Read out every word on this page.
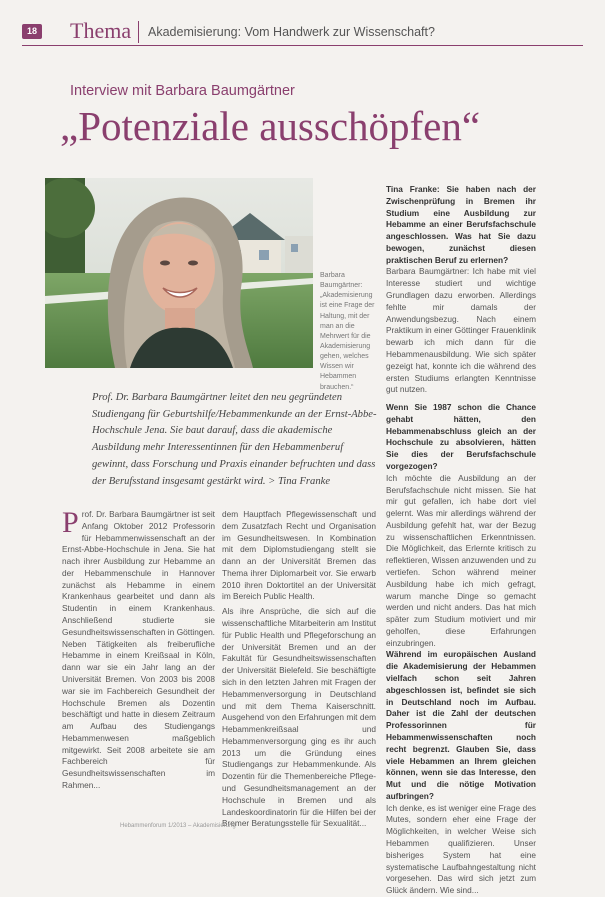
18 Thema Akademisierung: Vom Handwerk zur Wissenschaft?
Interview mit Barbara Baumgärtner
„Potenziale ausschöpfen“
Barbara Baumgärtner: „Akademisierung ist eine Frage der Haltung, mit der man an die Mehrwert für die Akademisierung gehen, welches Wissen wir Hebammen brauchen.“
Prof. Dr. Barbara Baumgärtner leitet den neu gegründeten Studiengang für Geburtshilfe/Hebammenkunde an der Ernst-Abbe-Hochschule Jena. Sie baut darauf, dass die akademische Ausbildung mehr Interessentinnen für den Hebammenberuf gewinnt, dass Forschung und Praxis einander befruchten und dass der Berufsstand insgesamt gestärkt wird. > Tina Franke
P rof. Dr. Barbara Baumgärtner ist seit Anfang Oktober 2012 Professorin für Hebammenwissenschaft an der Ernst-Abbe-Hochschule in Jena. Sie hat nach ihrer Ausbildung zur Hebamme an der Hebammenschule in Hannover zunächst als Hebamme in einem Krankenhaus gearbeitet und dann als Studentin in einem Krankenhaus. Anschließend studierte sie Gesundheitswissenschaften in Göttingen. Neben Tätigkeiten als freiberufliche Hebamme in einem Kreißsaal in Köln, dann war sie ein Jahr lang an der Universität Bremen. Von 2003 bis 2008 war sie im Fachbereich Gesundheit der Hochschule Bremen als Dozentin beschäftigt und hatte in diesem Zeitraum am Aufbau des Studiengangs Hebammenwesen maßgeblich mitgewirkt. Seit 2008 arbeitete sie am Fachbereich für Gesundheitswissenschaften im Rahmen...

dem Hauptfach Pflegewissenschaft und dem Zusatzfach Recht und Organisation im Gesundheitswesen. In Kombination mit dem Diplomstudiengang stellt sie dann an der Universität Bremen das Thema ihrer Diplomarbeit vor. Sie erwarb 2010 ihren Doktortitel an der Universität im Bereich Public Health.

Als ihre Ansprüche, die sich auf die wissenschaftliche Mitarbeiterin am Institut für Public Health und Pflegeforschung an der Universität Bremen und an der Fakultät für Gesundheitswissenschaften der Universität Bielefeld. Sie beschäftigte sich in den letzten Jahren mit Fragen der Hebammenversorgung in Deutschland und mit dem Thema Kaiserschnitt. Ausgehend von den Erfahrungen mit dem Hebammenkreißsaal und Hebammenversorgung ging es ihr auch 2013 um die Gründung eines Studiengangs zur Hebammenkunde. Als Dozentin für die Themenbereiche Pflege- und Gesundheitsmanagement an der Hochschule in Bremen und als Landeskoordinatorin für die Hilfen bei der Bremer Beratungsstelle für Sexualität...

Tina Franke: Sie haben nach der Zwischenprüfung in Bremen ihr Studium eine Ausbildung zur Hebamme an einer Berufsfachschule angeschlossen. Was hat Sie dazu bewogen, zunächst diesen praktischen Beruf zu erlernen?

Barbara Baumgärtner: Ich habe mit viel Interesse studiert und wichtige Grundlagen dazu erworben. Allerdings fehlte mir damals der Anwendungsbezug. Nach einem Praktikum in einer Göttinger Frauenklinik bewarb ich mich dann für die Hebammenausbildung. Wie sich später gezeigt hat, konnte ich die während des ersten Studiums erlangten Kenntnisse gut nutzen.

Wenn Sie 1987 schon die Chance gehabt hätten, den Hebammenabschluss gleich an der Hochschule zu absolvieren, hätten Sie dies der Berufsfachschule vorgezogen?

Ich möchte die Ausbildung an der Berufsfachschule nicht missen. Sie hat mir gut gefallen, ich habe dort viel gelernt. Was mir allerdings während der Ausbildung gefehlt hat, war der Bezug zu wissenschaftlichen Erkenntnissen. Die Möglichkeit, das Erlernte kritisch zu reflektieren, Wissen anzuwenden und zu vertiefen. Schon während meiner Ausbildung habe ich mich gefragt, warum manche Dinge so gemacht werden und nicht anders. Das hat mich später zum Studium motiviert und mir geholfen, diese Erfahrungen einzubringen.

Während im europäischen Ausland die Akademisierung der Hebammen vielfach schon seit Jahren abgeschlossen ist, befindet sie sich in Deutschland noch im Aufbau. Daher ist die Zahl der deutschen Professorinnen für Hebammenwissenschaften noch recht begrenzt. Glauben Sie, dass viele Hebammen an Ihrem gleichen können, wenn sie das Interesse, den Mut und die nötige Motivation aufbringen?

Ich denke, es ist weniger eine Frage des Mutes, sondern eher eine Frage der Möglichkeiten, in welcher Weise sich Hebammen qualifizieren. Unser bisheriges System hat eine systematische Laufbahngestaltung nicht vorgesehen. Das wird sich jetzt zum Glück ändern. Wie sind...

Hebammenforum 1/2013 – Akademisierung
